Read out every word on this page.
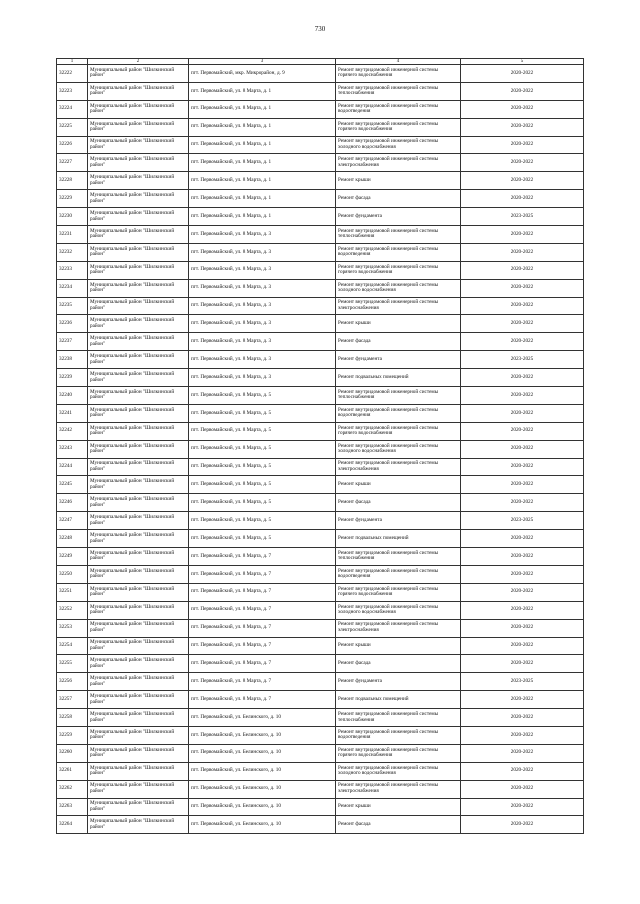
730
1	2	3	4	5
32222	Муниципальный район "Шилкинский район"	пгт. Первомайский, мкр. Микрорайон, д. 9	Ремонт внутридомовой инженерной системы горячего водоснабжения	2020-2022
32223	Муниципальный район "Шилкинский район"	пгт. Первомайский, ул. 8 Марта, д. 1	Ремонт внутридомовой инженерной системы теплоснабжения	2020-2022
32224	Муниципальный район "Шилкинский район"	пгт. Первомайский, ул. 8 Марта, д. 1	Ремонт внутридомовой инженерной системы водоотведения	2020-2022
32225	Муниципальный район "Шилкинский район"	пгт. Первомайский, ул. 8 Марта, д. 1	Ремонт внутридомовой инженерной системы горячего водоснабжения	2020-2022
32226	Муниципальный район "Шилкинский район"	пгт. Первомайский, ул. 8 Марта, д. 1	Ремонт внутридомовой инженерной системы холодного водоснабжения	2020-2022
32227	Муниципальный район "Шилкинский район"	пгт. Первомайский, ул. 8 Марта, д. 1	Ремонт внутридомовой инженерной системы электроснабжения	2020-2022
32228	Муниципальный район "Шилкинский район"	пгт. Первомайский, ул. 8 Марта, д. 1	Ремонт крыши	2020-2022
32229	Муниципальный район "Шилкинский район"	пгт. Первомайский, ул. 8 Марта, д. 1	Ремонт фасада	2020-2022
32230	Муниципальный район "Шилкинский район"	пгт. Первомайский, ул. 8 Марта, д. 1	Ремонт фундамента	2023-2025
32231	Муниципальный район "Шилкинский район"	пгт. Первомайский, ул. 8 Марта, д. 3	Ремонт внутридомовой инженерной системы теплоснабжения	2020-2022
32232	Муниципальный район "Шилкинский район"	пгт. Первомайский, ул. 8 Марта, д. 3	Ремонт внутридомовой инженерной системы водоотведения	2020-2022
32233	Муниципальный район "Шилкинский район"	пгт. Первомайский, ул. 8 Марта, д. 3	Ремонт внутридомовой инженерной системы горячего водоснабжения	2020-2022
32234	Муниципальный район "Шилкинский район"	пгт. Первомайский, ул. 8 Марта, д. 3	Ремонт внутридомовой инженерной системы холодного водоснабжения	2020-2022
32235	Муниципальный район "Шилкинский район"	пгт. Первомайский, ул. 8 Марта, д. 3	Ремонт внутридомовой инженерной системы электроснабжения	2020-2022
32236	Муниципальный район "Шилкинский район"	пгт. Первомайский, ул. 8 Марта, д. 3	Ремонт крыши	2020-2022
32237	Муниципальный район "Шилкинский район"	пгт. Первомайский, ул. 8 Марта, д. 3	Ремонт фасада	2020-2022
32238	Муниципальный район "Шилкинский район"	пгт. Первомайский, ул. 8 Марта, д. 3	Ремонт фундамента	2023-2025
32239	Муниципальный район "Шилкинский район"	пгт. Первомайский, ул. 8 Марта, д. 3	Ремонт подвальных помещений	2020-2022
32240	Муниципальный район "Шилкинский район"	пгт. Первомайский, ул. 8 Марта, д. 5	Ремонт внутридомовой инженерной системы теплоснабжения	2020-2022
32241	Муниципальный район "Шилкинский район"	пгт. Первомайский, ул. 8 Марта, д. 5	Ремонт внутридомовой инженерной системы водоотведения	2020-2022
32242	Муниципальный район "Шилкинский район"	пгт. Первомайский, ул. 8 Марта, д. 5	Ремонт внутридомовой инженерной системы горячего водоснабжения	2020-2022
32243	Муниципальный район "Шилкинский район"	пгт. Первомайский, ул. 8 Марта, д. 5	Ремонт внутридомовой инженерной системы холодного водоснабжения	2020-2022
32244	Муниципальный район "Шилкинский район"	пгт. Первомайский, ул. 8 Марта, д. 5	Ремонт внутридомовой инженерной системы электроснабжения	2020-2022
32245	Муниципальный район "Шилкинский район"	пгт. Первомайский, ул. 8 Марта, д. 5	Ремонт крыши	2020-2022
32246	Муниципальный район "Шилкинский район"	пгт. Первомайский, ул. 8 Марта, д. 5	Ремонт фасада	2020-2022
32247	Муниципальный район "Шилкинский район"	пгт. Первомайский, ул. 8 Марта, д. 5	Ремонт фундамента	2023-2025
32248	Муниципальный район "Шилкинский район"	пгт. Первомайский, ул. 8 Марта, д. 5	Ремонт подвальных помещений	2020-2022
32249	Муниципальный район "Шилкинский район"	пгт. Первомайский, ул. 8 Марта, д. 7	Ремонт внутридомовой инженерной системы теплоснабжения	2020-2022
32250	Муниципальный район "Шилкинский район"	пгт. Первомайский, ул. 8 Марта, д. 7	Ремонт внутридомовой инженерной системы водоотведения	2020-2022
32251	Муниципальный район "Шилкинский район"	пгт. Первомайский, ул. 8 Марта, д. 7	Ремонт внутридомовой инженерной системы горячего водоснабжения	2020-2022
32252	Муниципальный район "Шилкинский район"	пгт. Первомайский, ул. 8 Марта, д. 7	Ремонт внутридомовой инженерной системы холодного водоснабжения	2020-2022
32253	Муниципальный район "Шилкинский район"	пгт. Первомайский, ул. 8 Марта, д. 7	Ремонт внутридомовой инженерной системы электроснабжения	2020-2022
32254	Муниципальный район "Шилкинский район"	пгт. Первомайский, ул. 8 Марта, д. 7	Ремонт крыши	2020-2022
32255	Муниципальный район "Шилкинский район"	пгт. Первомайский, ул. 8 Марта, д. 7	Ремонт фасада	2020-2022
32256	Муниципальный район "Шилкинский район"	пгт. Первомайский, ул. 8 Марта, д. 7	Ремонт фундамента	2023-2025
32257	Муниципальный район "Шилкинский район"	пгт. Первомайский, ул. 8 Марта, д. 7	Ремонт подвальных помещений	2020-2022
32258	Муниципальный район "Шилкинский район"	пгт. Первомайский, ул. Белинского, д. 10	Ремонт внутридомовой инженерной системы теплоснабжения	2020-2022
32259	Муниципальный район "Шилкинский район"	пгт. Первомайский, ул. Белинского, д. 10	Ремонт внутридомовой инженерной системы водоотведения	2020-2022
32260	Муниципальный район "Шилкинский район"	пгт. Первомайский, ул. Белинского, д. 10	Ремонт внутридомовой инженерной системы горячего водоснабжения	2020-2022
32261	Муниципальный район "Шилкинский район"	пгт. Первомайский, ул. Белинского, д. 10	Ремонт внутридомовой инженерной системы холодного водоснабжения	2020-2022
32262	Муниципальный район "Шилкинский район"	пгт. Первомайский, ул. Белинского, д. 10	Ремонт внутридомовой инженерной системы электроснабжения	2020-2022
32263	Муниципальный район "Шилкинский район"	пгт. Первомайский, ул. Белинского, д. 10	Ремонт крыши	2020-2022
32264	Муниципальный район "Шилкинский район"	пгт. Первомайский, ул. Белинского, д. 10	Ремонт фасада	2020-2022
